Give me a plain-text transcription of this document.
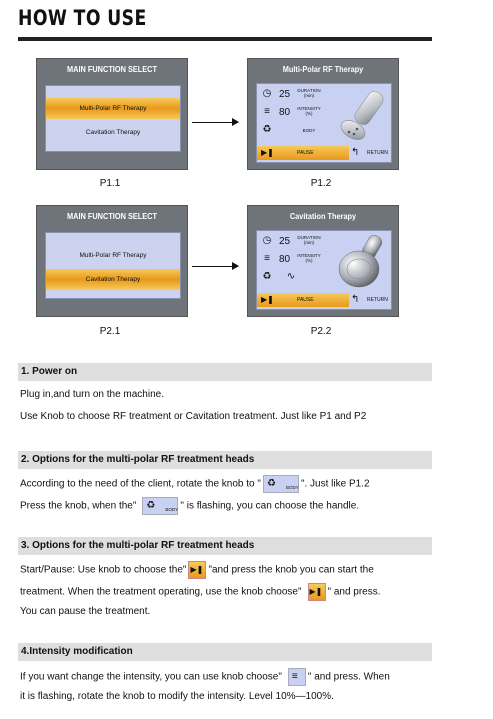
HOW TO USE
MAIN FUNCTION SELECT
Multi-Polar RF Therapy
Cavitation Therapy
P1.1
Multi-Polar RF Therapy
◷ 25 DURATION (min)
≡ 80 INTENSITY (%)
♻	BODY
▶❚	PAUSE	↰ RETURN
P1.2
MAIN FUNCTION SELECT
Multi-Polar RF Therapy
Cavitation Therapy
P2.1
Cavitation Therapy
◷ 25 DURATION (min)
≡ 80 INTENSITY (%)
♻	∿
▶❚	PAUSE	↰ RETURN
P2.2
1. Power on
Plug in,and turn on the machine.
Use Knob to choose RF treatment or Cavitation treatment. Just like P1 and P2
2. Options for the multi-polar RF treatment heads
According to the need of the client, rotate the knob to " ♻ BODY ". Just like P1.2
Press the knob, when the" ♻ BODY " is flashing, you can choose the handle.
3. Options for the multi-polar RF treatment heads
Start/Pause: Use knob to choose the" ▶❚ "and press the knob you can start the
treatment. When the treatment operating, use the knob choose" ▶❚ " and press.
You can pause the treatment.
4.Intensity modification
If you want change the intensity, you can use knob choose" ≡ " and press. When
it is flashing, rotate the knob to modify the intensity. Level 10%—100%.
